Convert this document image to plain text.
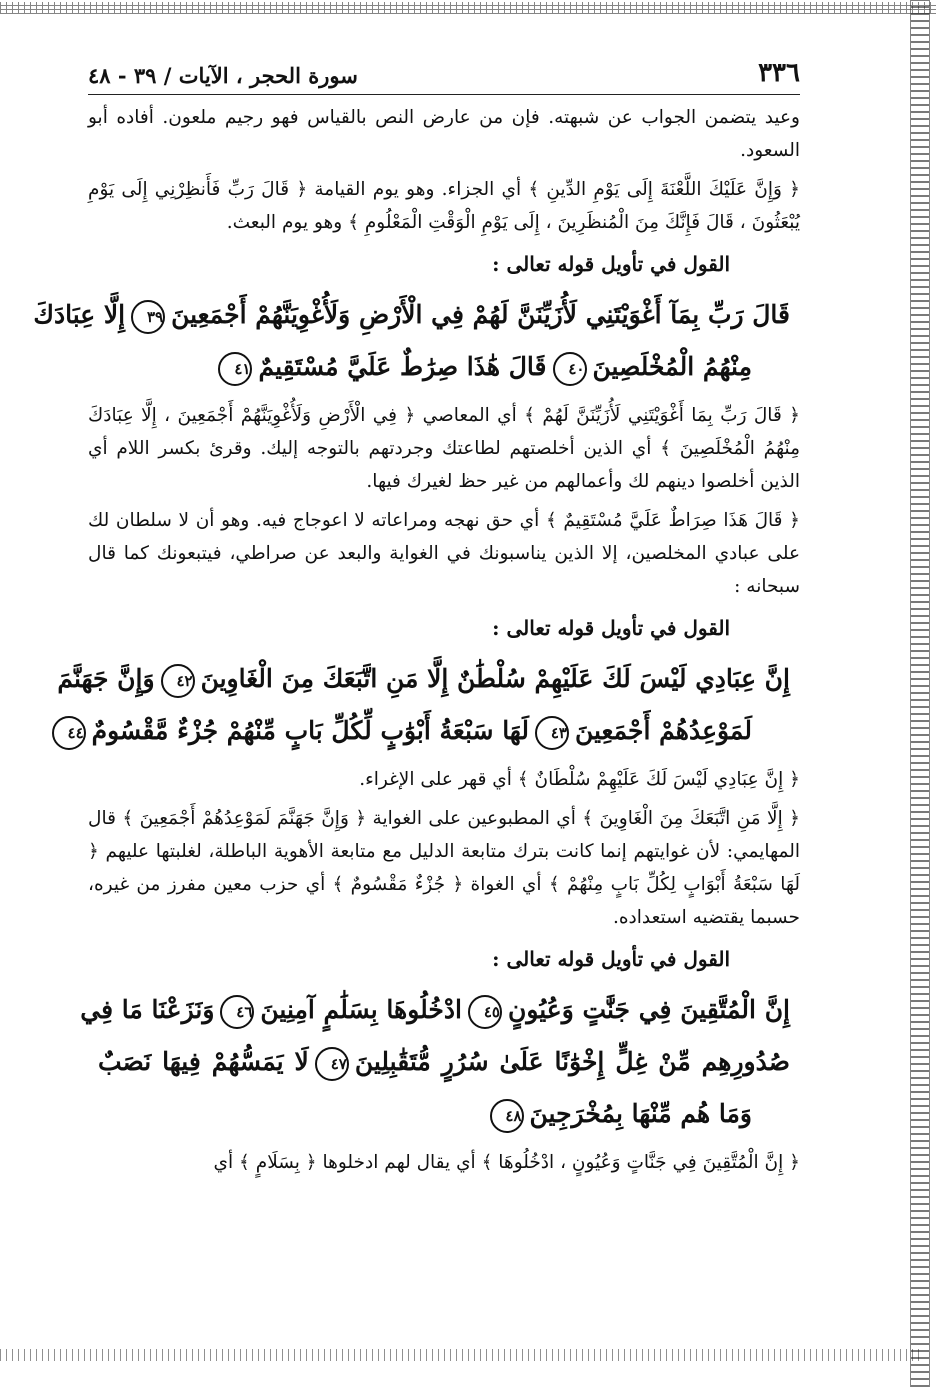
٣٣٦
سورة الحجر ، الآيات / ٣٩ - ٤٨

وعيد يتضمن الجواب عن شبهته. فإن من عارض النص بالقياس فهو رجيم ملعون. أفاده أبو السعود.

﴿ وَإِنَّ عَلَيْكَ اللَّعْنَةَ إِلَى يَوْمِ الدِّينِ ﴾ أي الجزاء. وهو يوم القيامة ﴿ قَالَ رَبِّ فَأَنظِرْنِي إِلَى يَوْمِ يُبْعَثُونَ ، قَالَ فَإِنَّكَ مِنَ الْمُنظَرِينَ ، إِلَى يَوْمِ الْوَقْتِ الْمَعْلُومِ ﴾ وهو يوم البعث.

القول في تأويل قوله تعالى :
قَالَ رَبِّ بِمَآ أَغْوَيْتَنِي لَأُزَيِّنَنَّ لَهُمْ فِي الْأَرْضِ وَلَأُغْوِيَنَّهُمْ أَجْمَعِينَ٣٩إِلَّا عِبَادَكَ
مِنْهُمُ الْمُخْلَصِينَ٤٠قَالَ هَٰذَا صِرَٰطٌ عَلَيَّ مُسْتَقِيمٌ٤١

﴿ قَالَ رَبِّ بِمَا أَغْوَيْتَنِي لَأُزَيِّنَنَّ لَهُمْ ﴾ أي المعاصي ﴿ فِي الْأَرْضِ وَلَأُغْوِيَنَّهُمْ أَجْمَعِينَ ، إِلَّا عِبَادَكَ مِنْهُمُ الْمُخْلَصِينَ ﴾ أي الذين أخلصتهم لطاعتك وجردتهم بالتوجه إليك. وقرئ بكسر اللام أي الذين أخلصوا دينهم لك وأعمالهم من غير حظ لغيرك فيها.

﴿ قَالَ هَذَا صِرَاطٌ عَلَيَّ مُسْتَقِيمٌ ﴾ أي حق نهجه ومراعاته لا اعوجاج فيه. وهو أن لا سلطان لك على عبادي المخلصين، إلا الذين يناسبونك في الغواية والبعد عن صراطي، فيتبعونك كما قال سبحانه :

القول في تأويل قوله تعالى :
إِنَّ عِبَادِي لَيْسَ لَكَ عَلَيْهِمْ سُلْطَٰنٌ إِلَّا مَنِ اتَّبَعَكَ مِنَ الْغَاوِينَ٤٢وَإِنَّ جَهَنَّمَ
لَمَوْعِدُهُمْ أَجْمَعِينَ٤٣لَهَا سَبْعَةُ أَبْوَٰبٍ لِّكُلِّ بَابٍ مِّنْهُمْ جُزْءٌ مَّقْسُومٌ٤٤

﴿ إِنَّ عِبَادِي لَيْسَ لَكَ عَلَيْهِمْ سُلْطَانٌ ﴾ أي قهر على الإغراء.

﴿ إِلَّا مَنِ اتَّبَعَكَ مِنَ الْغَاوِينَ ﴾ أي المطبوعين على الغواية ﴿ وَإِنَّ جَهَنَّمَ لَمَوْعِدُهُمْ أَجْمَعِينَ ﴾ قال المهايمي: لأن غوايتهم إنما كانت بترك متابعة الدليل مع متابعة الأهوية الباطلة، لغلبتها عليهم ﴿ لَهَا سَبْعَةُ أَبْوَابٍ لِكُلِّ بَابٍ مِنْهُمْ ﴾ أي الغواة ﴿ جُزْءٌ مَقْسُومٌ ﴾ أي حزب معين مفرز من غيره، حسبما يقتضيه استعداده.

القول في تأويل قوله تعالى :
إِنَّ الْمُتَّقِينَ فِي جَنَّٰتٍ وَعُيُونٍ٤٥ادْخُلُوهَا بِسَلَٰمٍ آمِنِينَ٤٦وَنَزَعْنَا مَا فِي
صُدُورِهِم مِّنْ غِلٍّ إِخْوَٰنًا عَلَىٰ سُرُرٍ مُّتَقَٰبِلِينَ٤٧لَا يَمَسُّهُمْ فِيهَا نَصَبٌ
وَمَا هُم مِّنْهَا بِمُخْرَجِينَ٤٨

﴿ إِنَّ الْمُتَّقِينَ فِي جَنَّاتٍ وَعُيُونٍ ، ادْخُلُوهَا ﴾ أي يقال لهم ادخلوها ﴿ بِسَلَامٍ ﴾ أي
